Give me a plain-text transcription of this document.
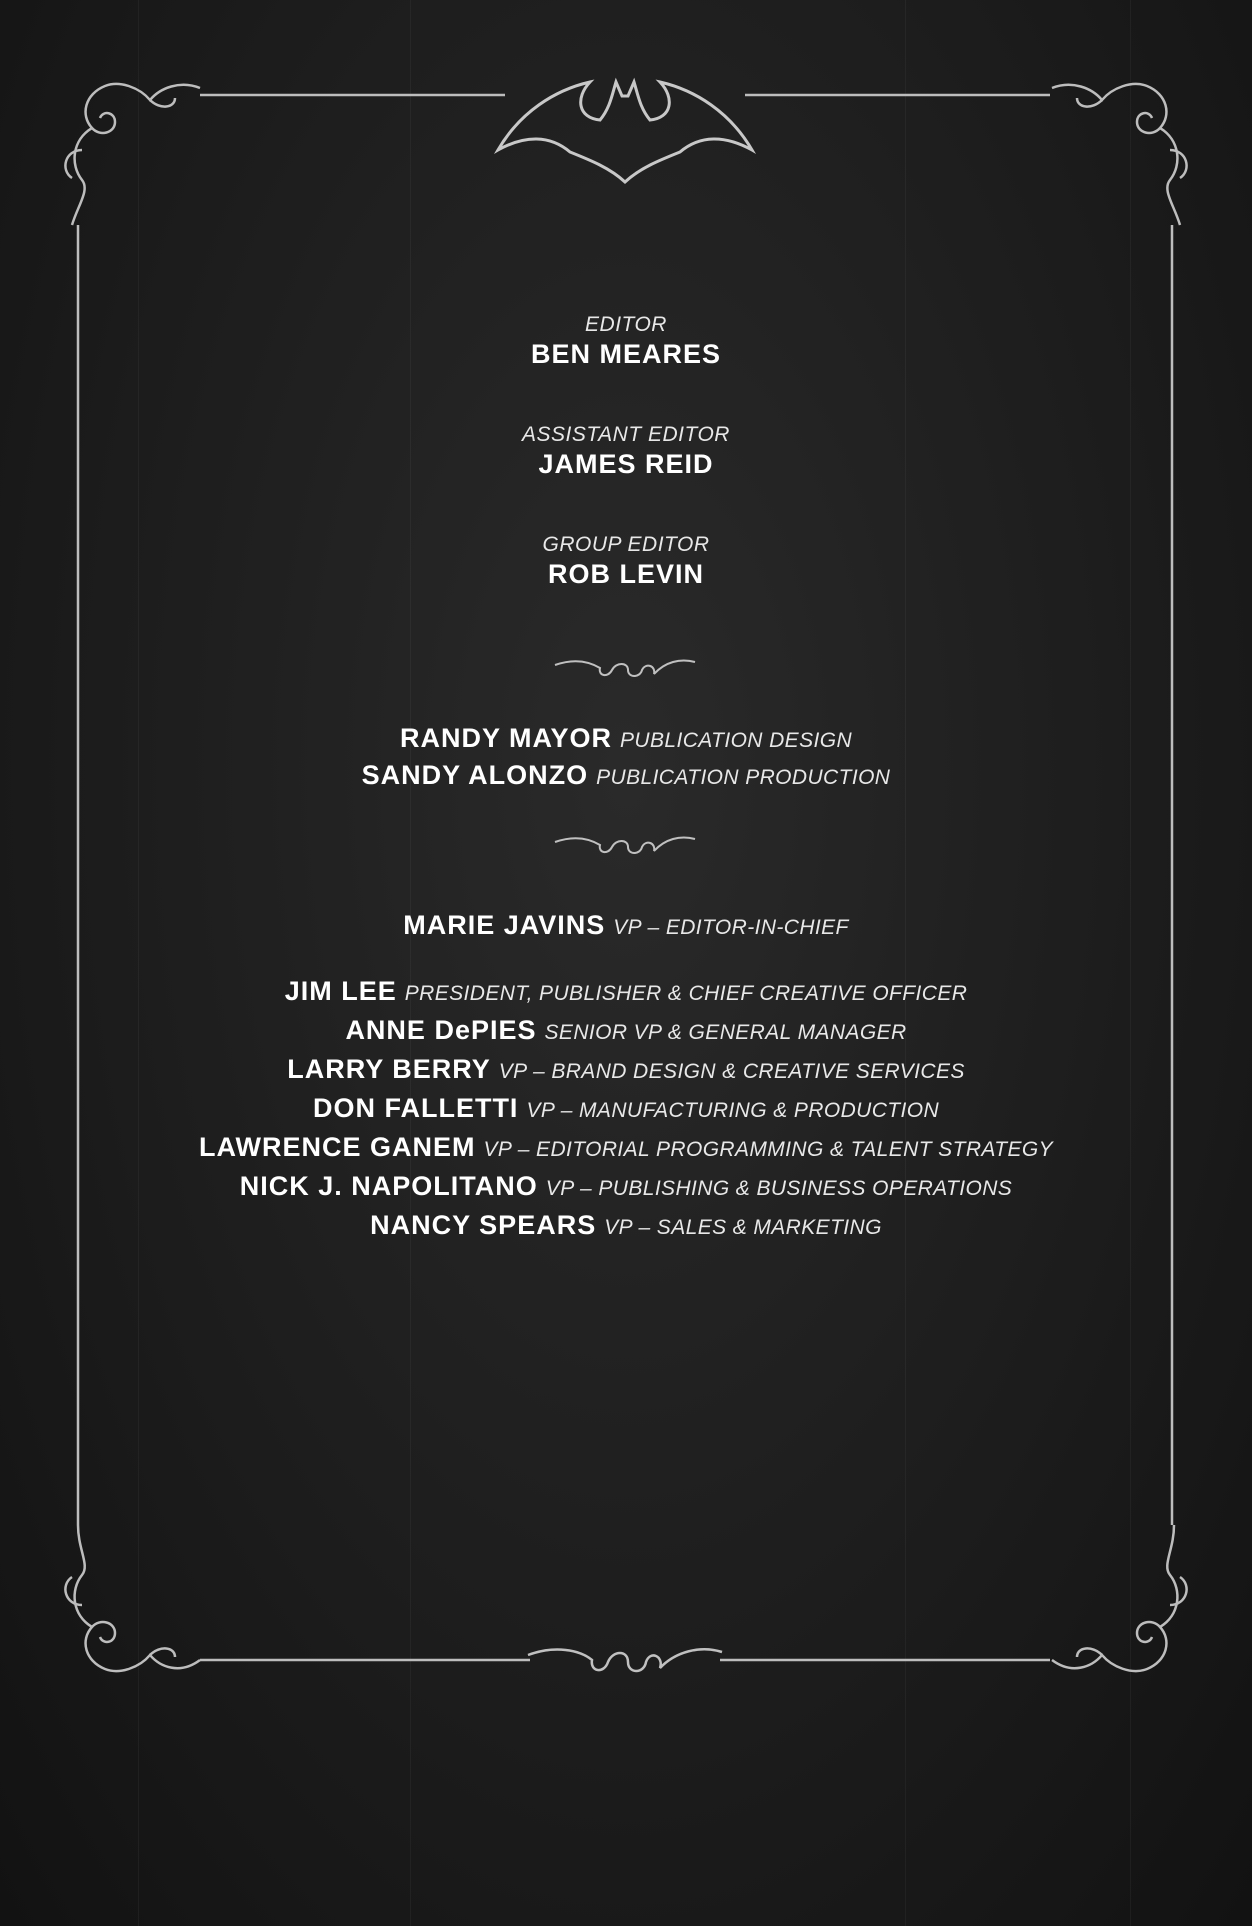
EDITOR
BEN MEARES
ASSISTANT EDITOR
JAMES REID
GROUP EDITOR
ROB LEVIN
RANDY MAYOR PUBLICATION DESIGN
SANDY ALONZO PUBLICATION PRODUCTION
MARIE JAVINS VP – EDITOR-IN-CHIEF
JIM LEE PRESIDENT, PUBLISHER & CHIEF CREATIVE OFFICER
ANNE DePIES SENIOR VP & GENERAL MANAGER
LARRY BERRY VP – BRAND DESIGN & CREATIVE SERVICES
DON FALLETTI VP – MANUFACTURING & PRODUCTION
LAWRENCE GANEM VP – EDITORIAL PROGRAMMING & TALENT STRATEGY
NICK J. NAPOLITANO VP – PUBLISHING & BUSINESS OPERATIONS
NANCY SPEARS VP – SALES & MARKETING
